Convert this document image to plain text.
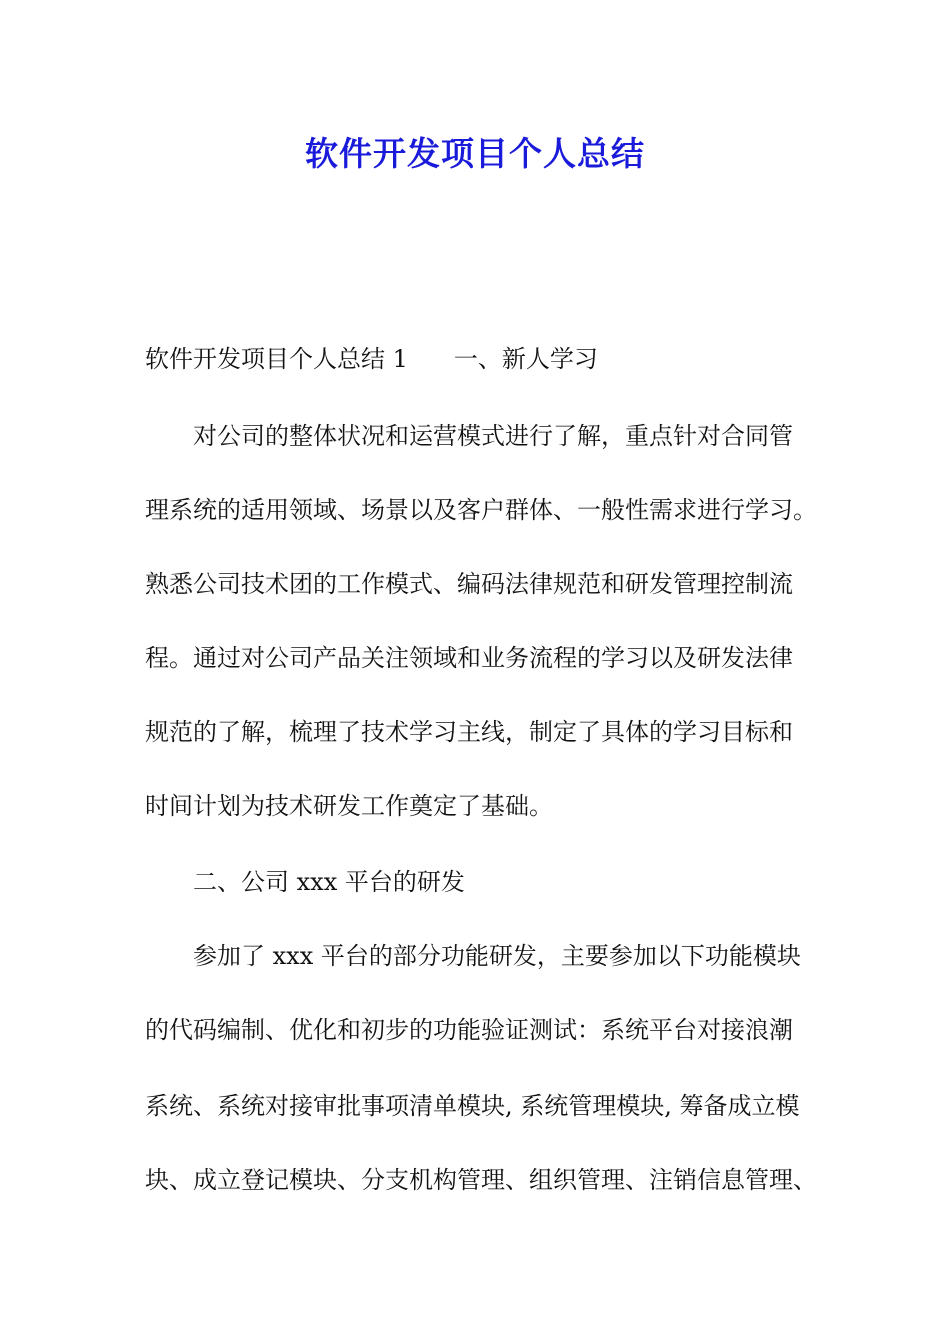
软件开发项目个人总结

软件开发项目个人总结 1 一、新人学习

对公司的整体状况和运营模式进行了解，重点针对合同管

理系统的适用领域、场景以及客户群体、一般性需求进行学习。

熟悉公司技术团的工作模式、编码法律规范和研发管理控制流

程。通过对公司产品关注领域和业务流程的学习以及研发法律

规范的了解，梳理了技术学习主线，制定了具体的学习目标和

时间计划为技术研发工作奠定了基础。

二、公司 xxx 平台的研发

参加了 xxx 平台的部分功能研发，主要参加以下功能模块

的代码编制、优化和初步的功能验证测试：系统平台对接浪潮

系统、系统对接审批事项清单模块, 系统管理模块, 筹备成立模

块、成立登记模块、分支机构管理、组织管理、注销信息管理、
